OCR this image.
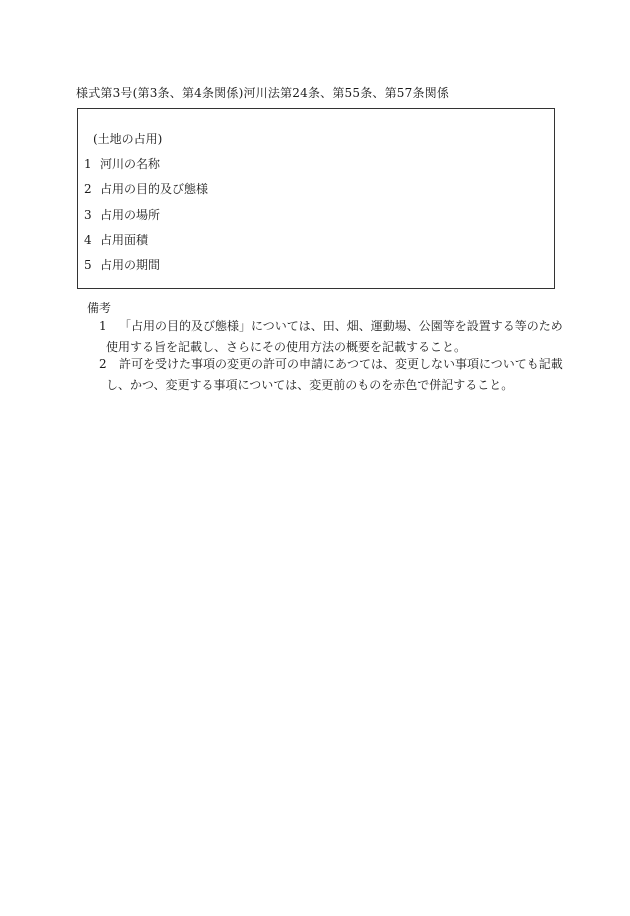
様式第3号(第3条、第4条関係)河川法第24条、第55条、第57条関係
(土地の占用)
1 河川の名称
2 占用の目的及び態様
3 占用の場所
4 占用面積
5 占用の期間
備考
1 「占用の目的及び態様」については、田、畑、運動場、公園等を設置する等のため
使用する旨を記載し、さらにその使用方法の概要を記載すること。
2 許可を受けた事項の変更の許可の申請にあつては、変更しない事項についても記載
し、かつ、変更する事項については、変更前のものを赤色で併記すること。
